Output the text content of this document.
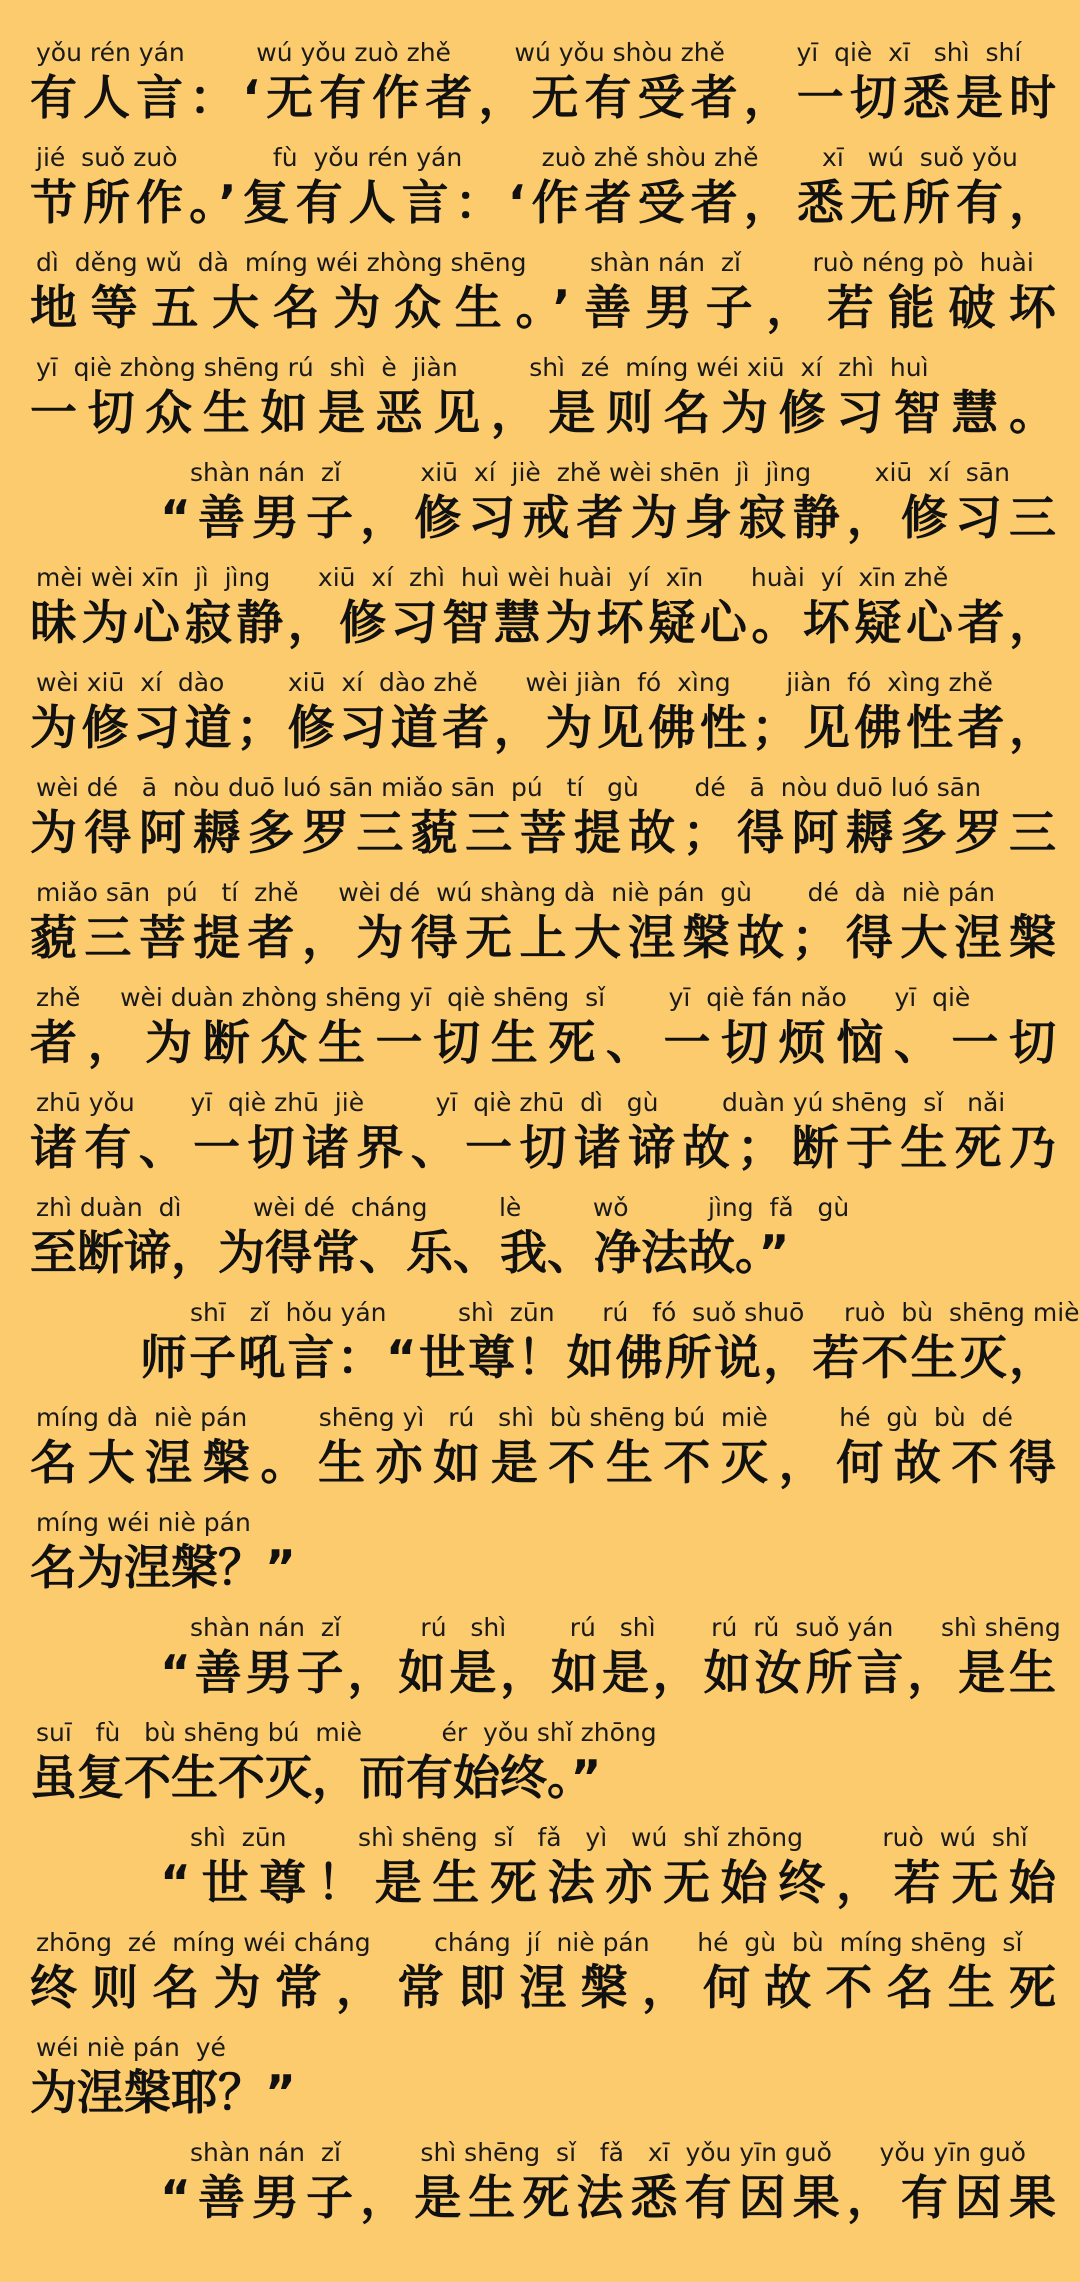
yǒu rén yán         wú yǒu zuò zhě        wú yǒu shòu zhě         yī  qiè  xī   shì  shí
有人言：‘无有作者，无有受者，一切悉是时
jié  suǒ zuò            fù  yǒu rén yán          zuò zhě shòu zhě        xī   wú  suǒ yǒu
节所作。’复有人言：‘作者受者，悉无所有，
dì  děng wǔ  dà  míng wéi zhòng shēng        shàn nán  zǐ         ruò néng pò  huài
地等五大名为众生。’善男子，若能破坏
yī  qiè zhòng shēng rú  shì  è  jiàn         shì  zé  míng wéi xiū  xí  zhì  huì
一切众生如是恶见，是则名为修习智慧。
shàn nán  zǐ          xiū  xí  jiè  zhě wèi shēn  jì  jìng        xiū  xí  sān
“善男子，修习戒者为身寂静，修习三
mèi wèi xīn  jì  jìng      xiū  xí  zhì  huì wèi huài  yí  xīn      huài  yí  xīn zhě
昧为心寂静，修习智慧为坏疑心。坏疑心者，
wèi xiū  xí  dào        xiū  xí  dào zhě      wèi jiàn  fó  xìng       jiàn  fó  xìng zhě
为修习道；修习道者，为见佛性；见佛性者，
wèi dé   ā  nòu duō luó sān miǎo sān  pú   tí   gù       dé   ā  nòu duō luó sān
为得阿耨多罗三藐三菩提故；得阿耨多罗三
miǎo sān  pú   tí  zhě     wèi dé  wú shàng dà  niè pán  gù       dé  dà  niè pán
藐三菩提者，为得无上大涅槃故；得大涅槃
zhě     wèi duàn zhòng shēng yī  qiè shēng  sǐ        yī  qiè fán nǎo      yī  qiè
者，为断众生一切生死、一切烦恼、一切
zhū yǒu       yī  qiè zhū  jiè         yī  qiè zhū  dì   gù        duàn yú shēng  sǐ   nǎi
诸有、一切诸界、一切诸谛故；断于生死乃
zhì duàn  dì         wèi dé  cháng         lè         wǒ          jìng  fǎ   gù
至断谛，为得常、乐、我、净法故。”
shī   zǐ  hǒu yán         shì  zūn      rú   fó  suǒ shuō     ruò  bù  shēng miè
师子吼言：“世尊！如佛所说，若不生灭，
míng dà  niè pán         shēng yì   rú   shì  bù shēng bú  miè         hé  gù  bù  dé
名大涅槃。生亦如是不生不灭，何故不得
míng wéi niè pán
名为涅槃？”
shàn nán  zǐ          rú   shì        rú   shì       rú  rǔ  suǒ yán      shì shēng
“善男子，如是，如是，如汝所言，是生
suī   fù   bù shēng bú  miè          ér  yǒu shǐ zhōng
虽复不生不灭，而有始终。”
shì  zūn         shì shēng  sǐ   fǎ   yì   wú  shǐ zhōng          ruò  wú  shǐ
“世尊！是生死法亦无始终，若无始
zhōng  zé  míng wéi cháng        cháng  jí  niè pán      hé  gù  bù  míng shēng  sǐ
终则名为常，常即涅槃，何故不名生死
wéi niè pán  yé
为涅槃耶？”
shàn nán  zǐ          shì shēng  sǐ   fǎ   xī  yǒu yīn guǒ      yǒu yīn guǒ
“善男子，是生死法悉有因果，有因果
